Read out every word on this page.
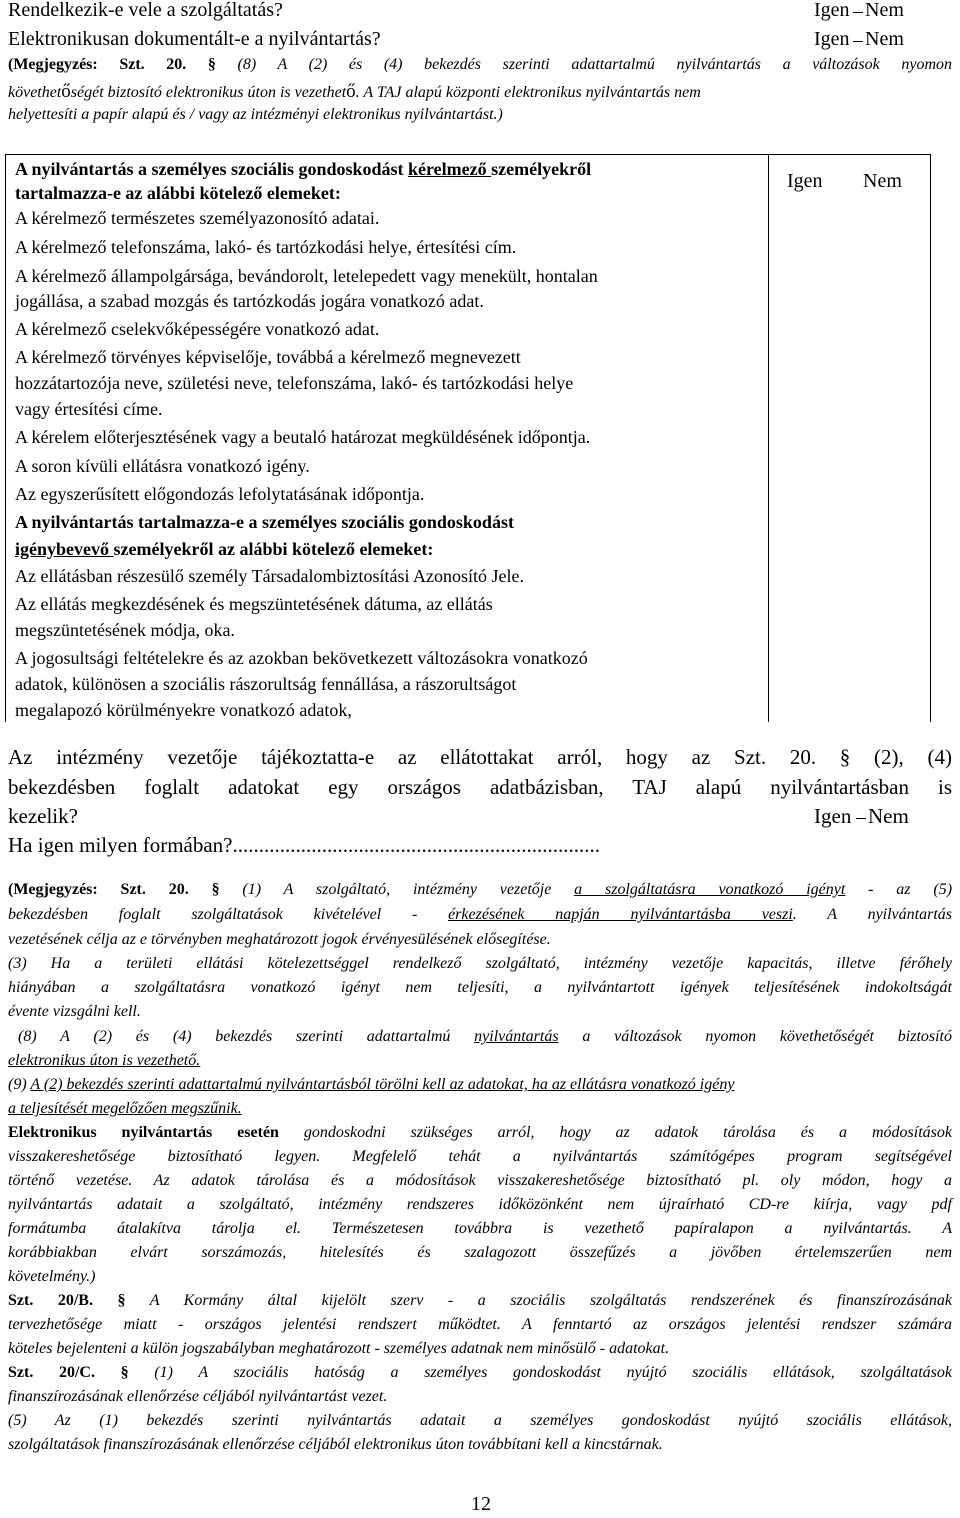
Rendelkezik-e vele a szolgáltatás?	Igen Nem
Elektronikusan dokumentált-e a nyilvántartás?	Igen Nem
(Megjegyzés: Szt. 20. § (8) A (2) és (4) bekezdés szerinti adattartalmú nyilvántartás a változások nyomon
követhetőségét biztosító elektronikus úton is vezethető. A TAJ alapú központi elektronikus nyilvántartás nem
helyettesíti a papír alapú és / vagy az intézményi elektronikus nyilvántartást.)
Igen Nem
A nyilvántartás a személyes szociális gondoskodást kérelmező személyekről
tartalmazza-e az alábbi kötelező elemeket:
A kérelmező természetes személyazonosító adatai.
A kérelmező telefonszáma, lakó- és tartózkodási helye, értesítési cím.
A kérelmező állampolgársága, bevándorolt, letelepedett vagy menekült, hontalan
jogállása, a szabad mozgás és tartózkodás jogára vonatkozó adat.
A kérelmező cselekvőképességére vonatkozó adat.
A kérelmező törvényes képviselője, továbbá a kérelmező megnevezett
hozzátartozója neve, születési neve, telefonszáma, lakó- és tartózkodási helye
vagy értesítési címe.
A kérelem előterjesztésének vagy a beutaló határozat megküldésének időpontja.
A soron kívüli ellátásra vonatkozó igény.
Az egyszerűsített előgondozás lefolytatásának időpontja.
A nyilvántartás tartalmazza-e a személyes szociális gondoskodást
igénybevevő személyekről az alábbi kötelező elemeket:
Az ellátásban részesülő személy Társadalombiztosítási Azonosító Jele.
Az ellátás megkezdésének és megszüntetésének dátuma, az ellátás
megszüntetésének módja, oka.
A jogosultsági feltételekre és az azokban bekövetkezett változásokra vonatkozó
adatok, különösen a szociális rászorultság fennállása, a rászorultságot
megalapozó körülményekre vonatkozó adatok,
Az intézmény vezetője tájékoztatta-e az ellátottakat arról, hogy az Szt. 20. § (2), (4)
bekezdésben foglalt adatokat egy országos adatbázisban, TAJ alapú nyilvántartásban is
kezelik?	Igen Nem
Ha igen milyen formában?......................................................................
(Megjegyzés: Szt. 20. § (1) A szolgáltató, intézmény vezetője a szolgáltatásra vonatkozó igényt - az (5)
bekezdésben foglalt szolgáltatások kivételével - érkezésének napján nyilvántartásba veszi. A nyilvántartás
vezetésének célja az e törvényben meghatározott jogok érvényesülésének elősegítése.
(3) Ha a területi ellátási kötelezettséggel rendelkező szolgáltató, intézmény vezetője kapacitás, illetve férőhely
hiányában a szolgáltatásra vonatkozó igényt nem teljesíti, a nyilvántartott igények teljesítésének indokoltságát
évente vizsgálni kell.
(8) A (2) és (4) bekezdés szerinti adattartalmú nyilvántartás a változások nyomon követhetőségét biztosító
elektronikus úton is vezethető.
(9) A (2) bekezdés szerinti adattartalmú nyilvántartásból törölni kell az adatokat, ha az ellátásra vonatkozó igény
a teljesítését megelőzően megszűnik.
Elektronikus nyilvántartás esetén gondoskodni szükséges arról, hogy az adatok tárolása és a módosítások
visszakereshetősége biztosítható legyen. Megfelelő tehát a nyilvántartás számítógépes program segítségével
történő vezetése. Az adatok tárolása és a módosítások visszakereshetősége biztosítható pl. oly módon, hogy a
nyilvántartás adatait a szolgáltató, intézmény rendszeres időközönként nem újraírható CD-re kiírja, vagy pdf
formátumba átalakítva tárolja el. Természetesen továbbra is vezethető papíralapon a nyilvántartás. A
korábbiakban elvárt sorszámozás, hitelesítés és szalagozott összefűzés a jövőben értelemszerűen nem
követelmény.)
Szt. 20/B. § A Kormány által kijelölt szerv - a szociális szolgáltatás rendszerének és finanszírozásának
tervezhetősége miatt - országos jelentési rendszert működtet. A fenntartó az országos jelentési rendszer számára
köteles bejelenteni a külön jogszabályban meghatározott - személyes adatnak nem minősülő - adatokat.
Szt. 20/C. § (1) A szociális hatóság a személyes gondoskodást nyújtó szociális ellátások, szolgáltatások
finanszírozásának ellenőrzése céljából nyilvántartást vezet.
(5) Az (1) bekezdés szerinti nyilvántartás adatait a személyes gondoskodást nyújtó szociális ellátások,
szolgáltatások finanszírozásának ellenőrzése céljából elektronikus úton továbbítani kell a kincstárnak.
12
